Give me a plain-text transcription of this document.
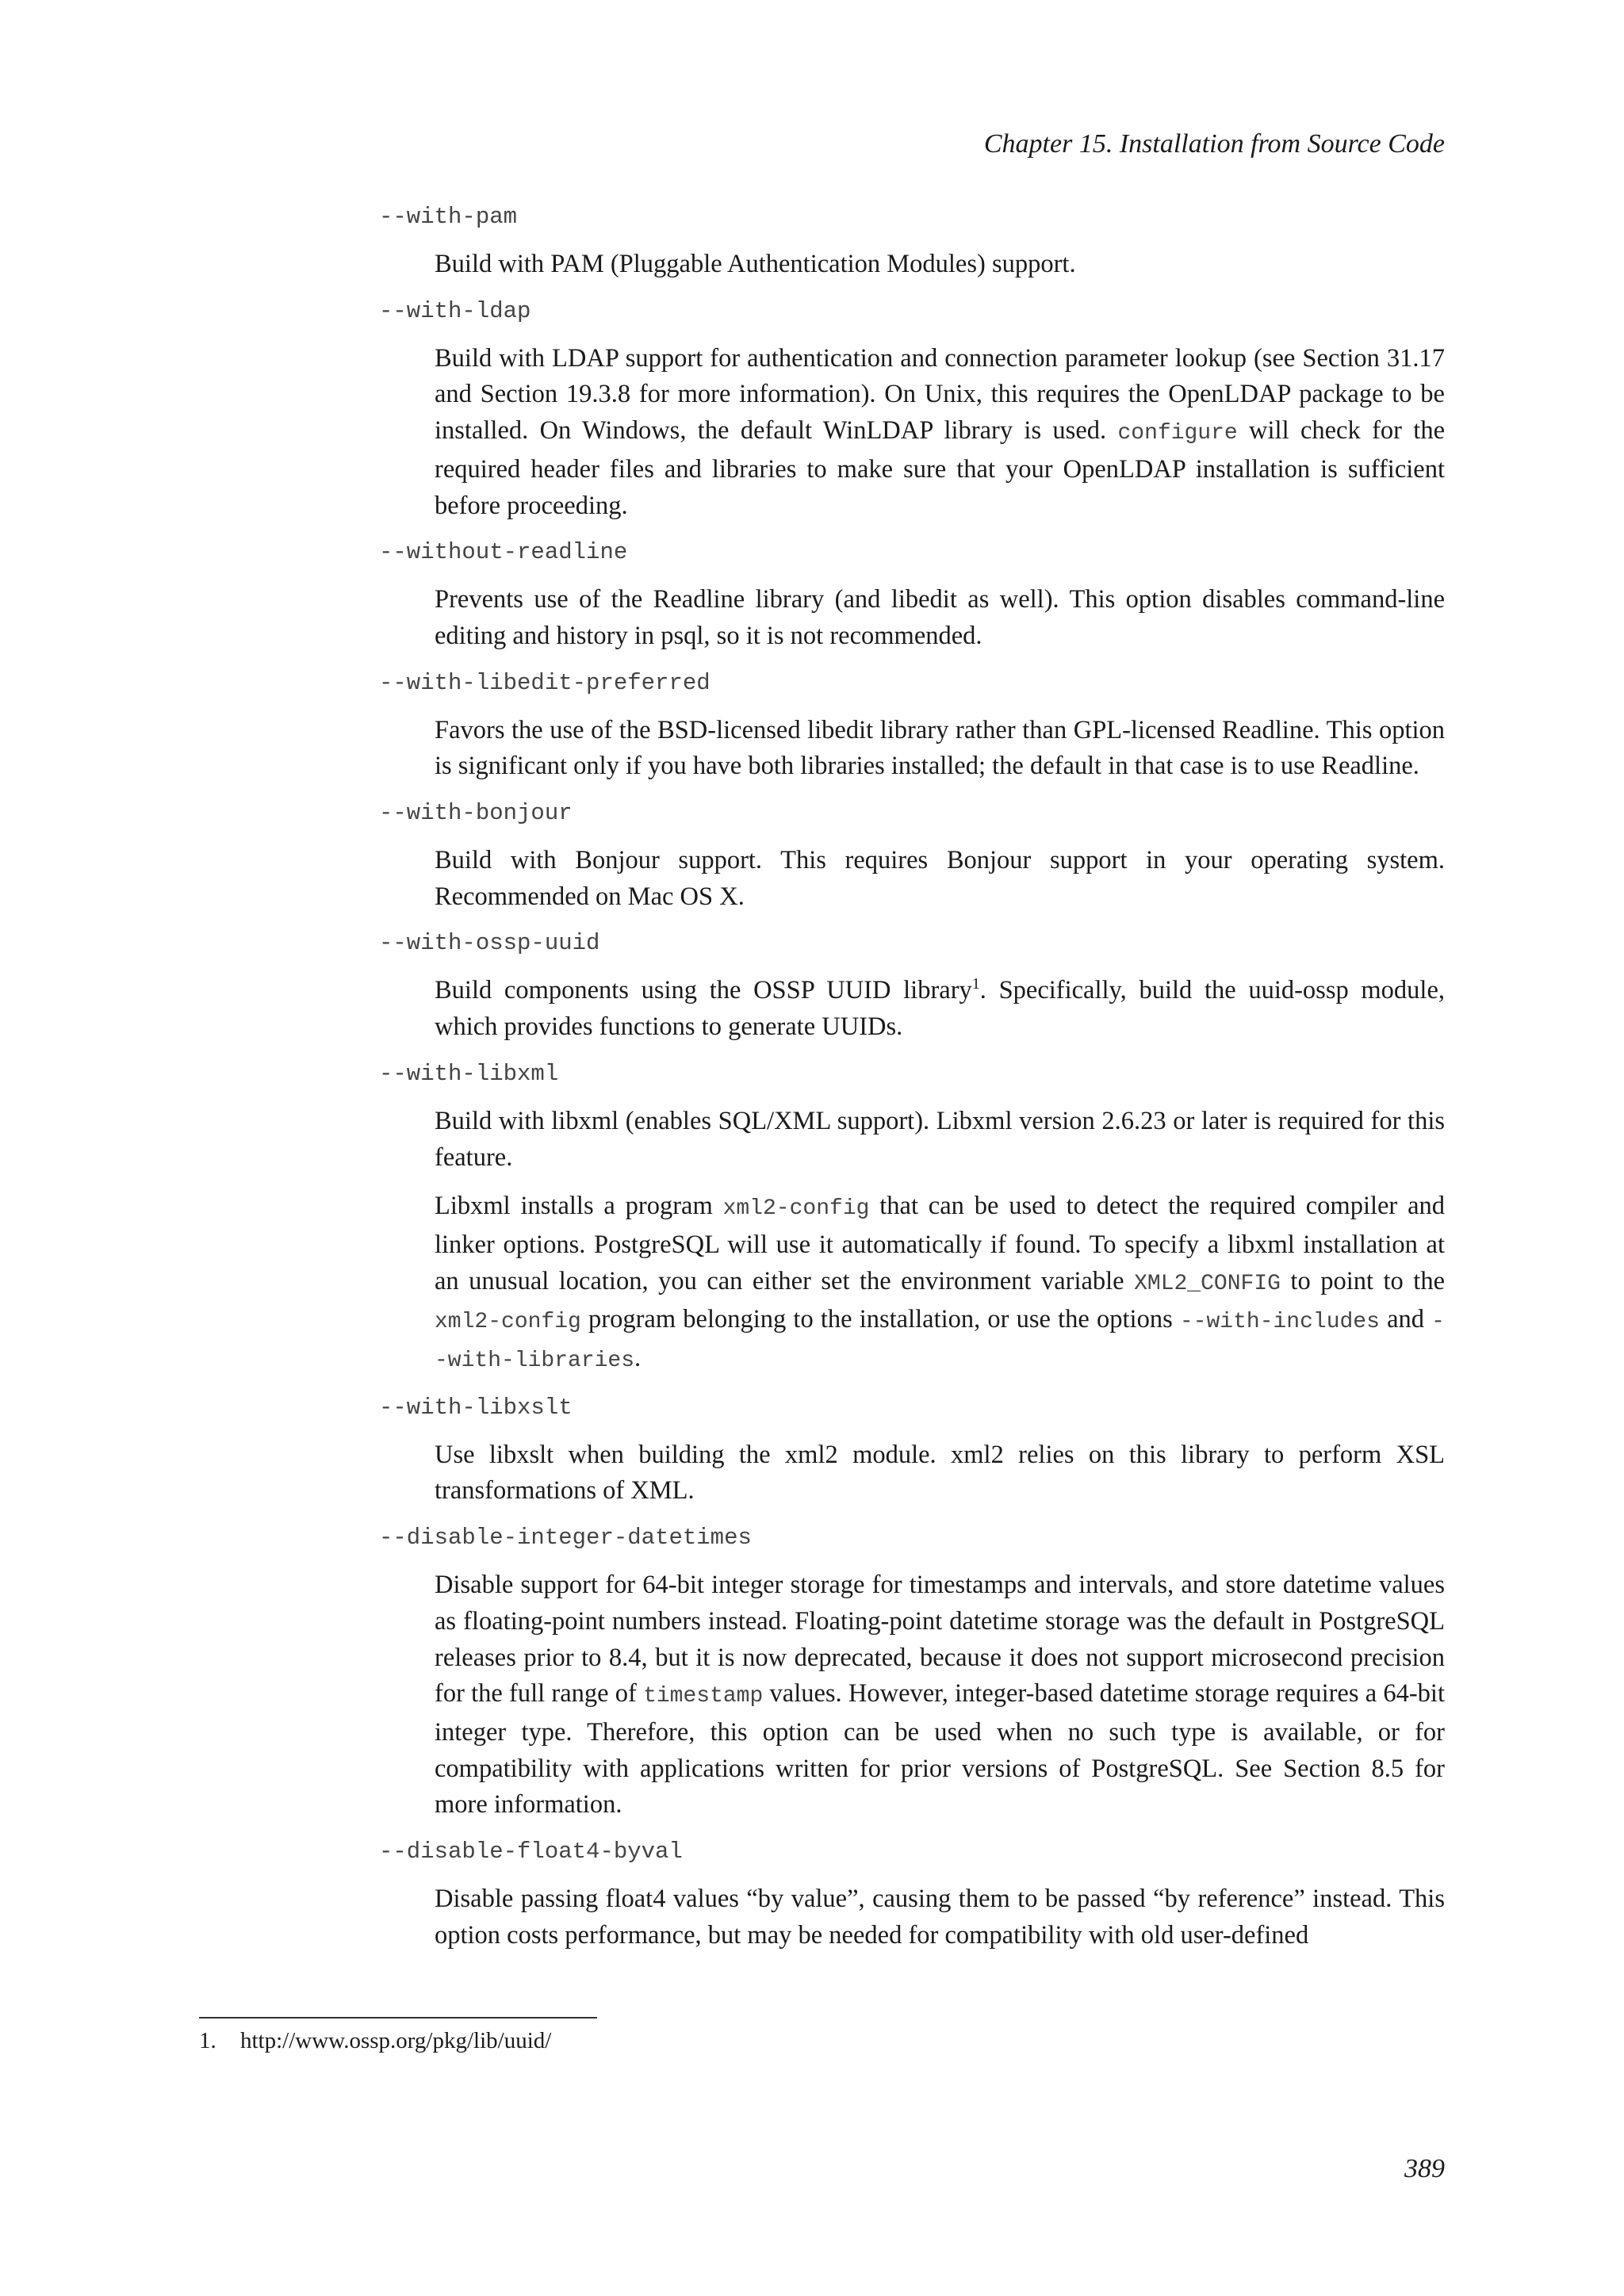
Chapter 15. Installation from Source Code
--with-pam
Build with PAM (Pluggable Authentication Modules) support.
--with-ldap
Build with LDAP support for authentication and connection parameter lookup (see Section 31.17 and Section 19.3.8 for more information). On Unix, this requires the OpenLDAP package to be installed. On Windows, the default WinLDAP library is used. configure will check for the required header files and libraries to make sure that your OpenLDAP installation is sufficient before proceeding.
--without-readline
Prevents use of the Readline library (and libedit as well). This option disables command-line editing and history in psql, so it is not recommended.
--with-libedit-preferred
Favors the use of the BSD-licensed libedit library rather than GPL-licensed Readline. This option is significant only if you have both libraries installed; the default in that case is to use Readline.
--with-bonjour
Build with Bonjour support. This requires Bonjour support in your operating system. Recommended on Mac OS X.
--with-ossp-uuid
Build components using the OSSP UUID library$^1$. Specifically, build the uuid-ossp module, which provides functions to generate UUIDs.
--with-libxml
Build with libxml (enables SQL/XML support). Libxml version 2.6.23 or later is required for this feature.
Libxml installs a program xml2-config that can be used to detect the required compiler and linker options. PostgreSQL will use it automatically if found. To specify a libxml installation at an unusual location, you can either set the environment variable XML2_CONFIG to point to the xml2-config program belonging to the installation, or use the options --with-includes and --with-libraries.
--with-libxslt
Use libxslt when building the xml2 module. xml2 relies on this library to perform XSL transformations of XML.
--disable-integer-datetimes
Disable support for 64-bit integer storage for timestamps and intervals, and store datetime values as floating-point numbers instead. Floating-point datetime storage was the default in PostgreSQL releases prior to 8.4, but it is now deprecated, because it does not support microsecond precision for the full range of timestamp values. However, integer-based datetime storage requires a 64-bit integer type. Therefore, this option can be used when no such type is available, or for compatibility with applications written for prior versions of PostgreSQL. See Section 8.5 for more information.
--disable-float4-byval
Disable passing float4 values “by value”, causing them to be passed “by reference” instead. This option costs performance, but may be needed for compatibility with old user-defined
1. http://www.ossp.org/pkg/lib/uuid/
389
